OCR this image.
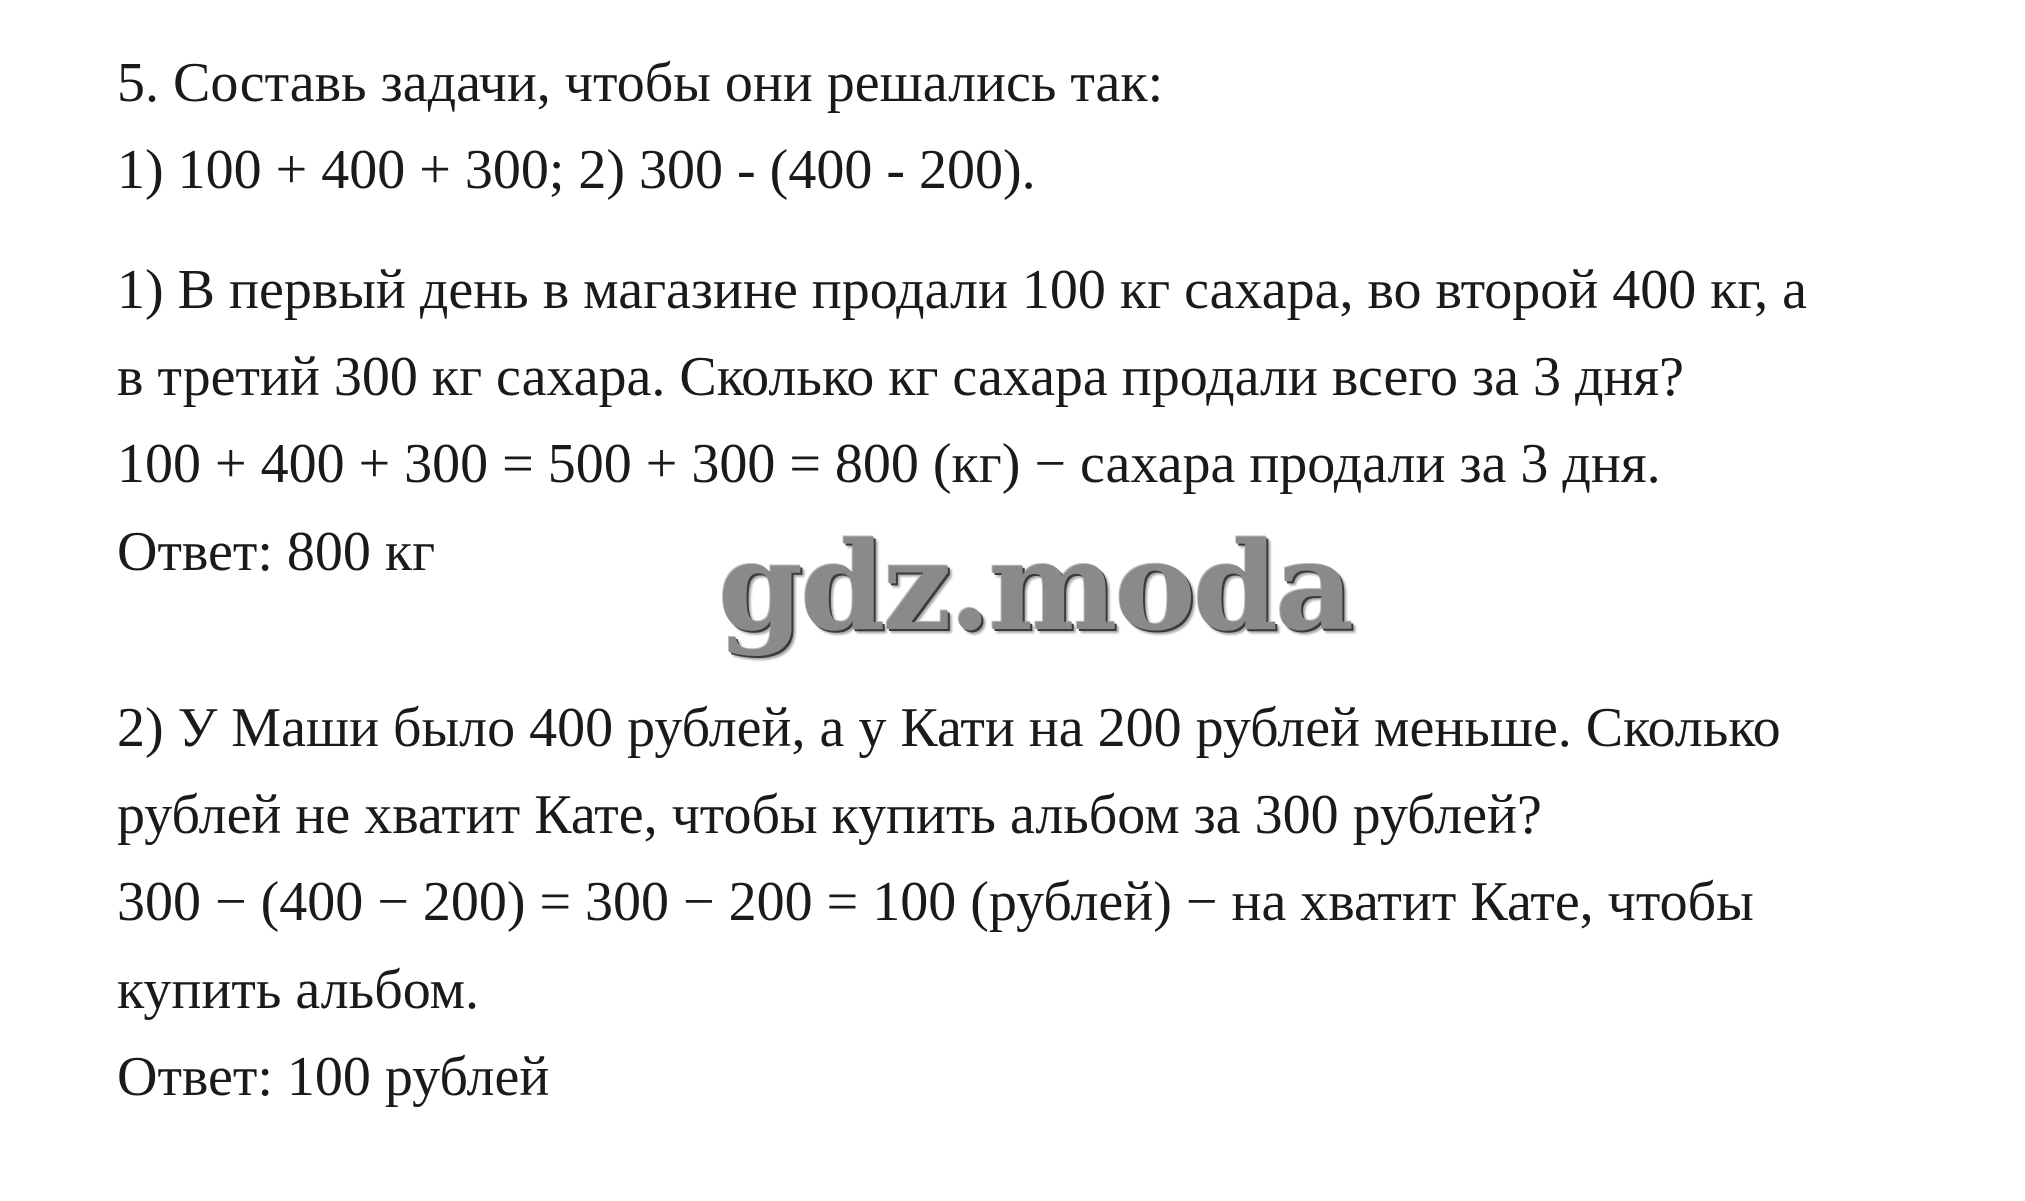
5. Составь задачи, чтобы они решались так:
1) 100 + 400 + 300; 2) 300 - (400 - 200).
1) В первый день в магазине продали 100 кг сахара, во второй 400 кг, а
в третий 300 кг сахара. Сколько кг сахара продали всего за 3 дня?
100 + 400 + 300 = 500 + 300 = 800 (кг) − сахара продали за 3 дня.
Ответ: 800 кг gdz.moda
2) У Маши было 400 рублей, а у Кати на 200 рублей меньше. Сколько
рублей не хватит Кате, чтобы купить альбом за 300 рублей?
300 − (400 − 200) = 300 − 200 = 100 (рублей) − на хватит Кате, чтобы
купить альбом.
Ответ: 100 рублей
